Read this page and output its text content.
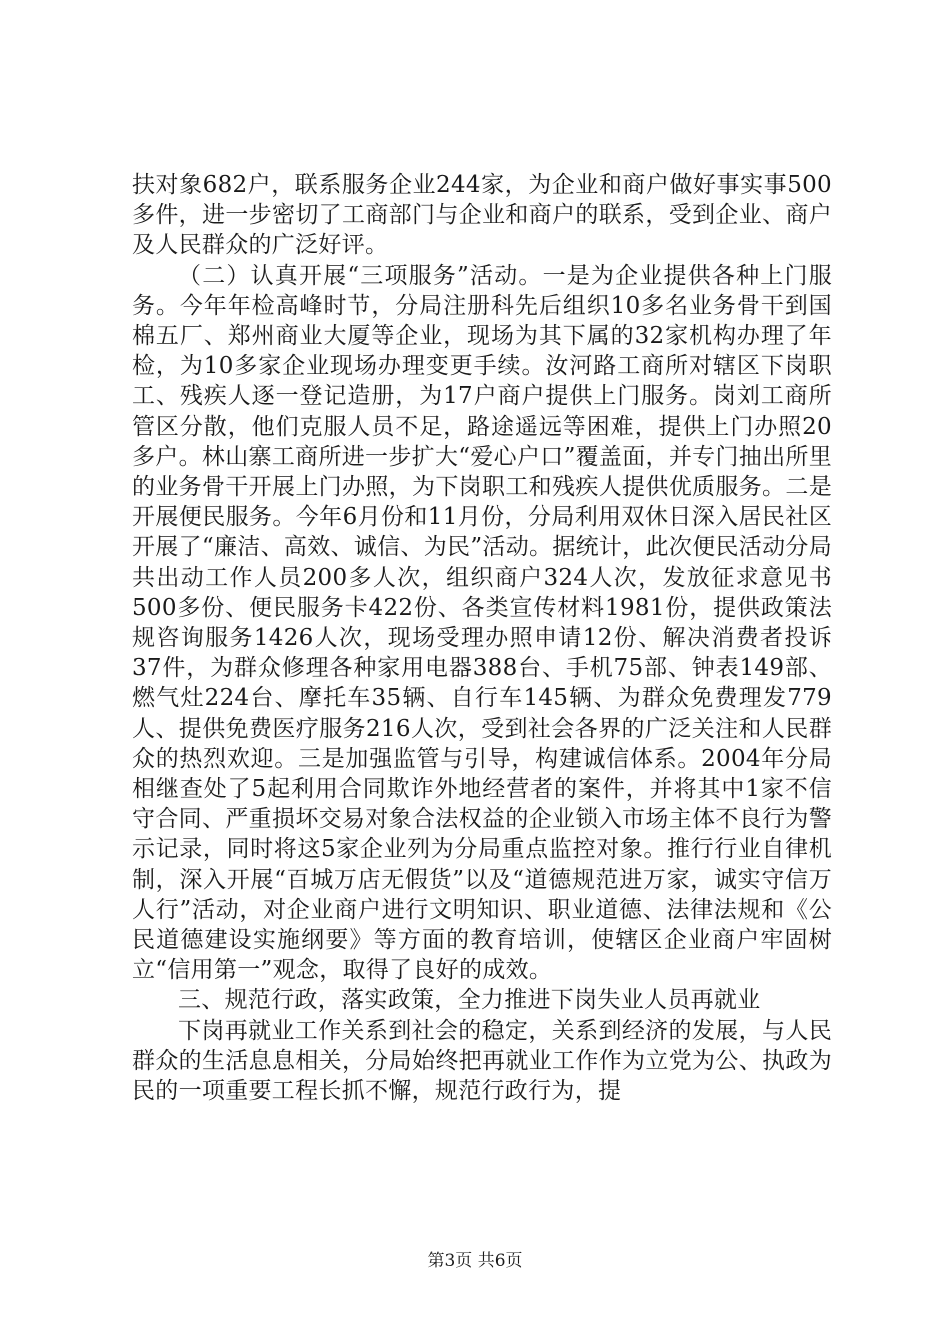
扶对象682户，联系服务企业244家，为企业和商户做好事实事500多件，进一步密切了工商部门与企业和商户的联系，受到企业、商户及人民群众的广泛好评。

（二）认真开展“三项服务”活动。一是为企业提供各种上门服务。今年年检高峰时节，分局注册科先后组织10多名业务骨干到国棉五厂、郑州商业大厦等企业，现场为其下属的32家机构办理了年检，为10多家企业现场办理变更手续。汝河路工商所对辖区下岗职工、残疾人逐一登记造册，为17户商户提供上门服务。岗刘工商所管区分散，他们克服人员不足，路途遥远等困难，提供上门办照20多户。林山寨工商所进一步扩大“爱心户口”覆盖面，并专门抽出所里的业务骨干开展上门办照，为下岗职工和残疾人提供优质服务。二是开展便民服务。今年6月份和11月份，分局利用双休日深入居民社区开展了“廉洁、高效、诚信、为民”活动。据统计，此次便民活动分局共出动工作人员200多人次，组织商户324人次，发放征求意见书500多份、便民服务卡422份、各类宣传材料1981份，提供政策法规咨询服务1426人次，现场受理办照申请12份、解决消费者投诉37件，为群众修理各种家用电器388台、手机75部、钟表149部、燃气灶224台、摩托车35辆、自行车145辆、为群众免费理发779人、提供免费医疗服务216人次，受到社会各界的广泛关注和人民群众的热烈欢迎。三是加强监管与引导，构建诚信体系。2004年分局相继查处了5起利用合同欺诈外地经营者的案件，并将其中1家不信守合同、严重损坏交易对象合法权益的企业锁入市场主体不良行为警示记录，同时将这5家企业列为分局重点监控对象。推行行业自律机制，深入开展“百城万店无假货”以及“道德规范进万家，诚实守信万人行”活动，对企业商户进行文明知识、职业道德、法律法规和《公民道德建设实施纲要》等方面的教育培训，使辖区企业商户牢固树立“信用第一”观念，取得了良好的成效。

三、规范行政，落实政策，全力推进下岗失业人员再就业

下岗再就业工作关系到社会的稳定，关系到经济的发展，与人民群众的生活息息相关，分局始终把再就业工作作为立党为公、执政为民的一项重要工程长抓不懈，规范行政行为，提

第3页 共6页
